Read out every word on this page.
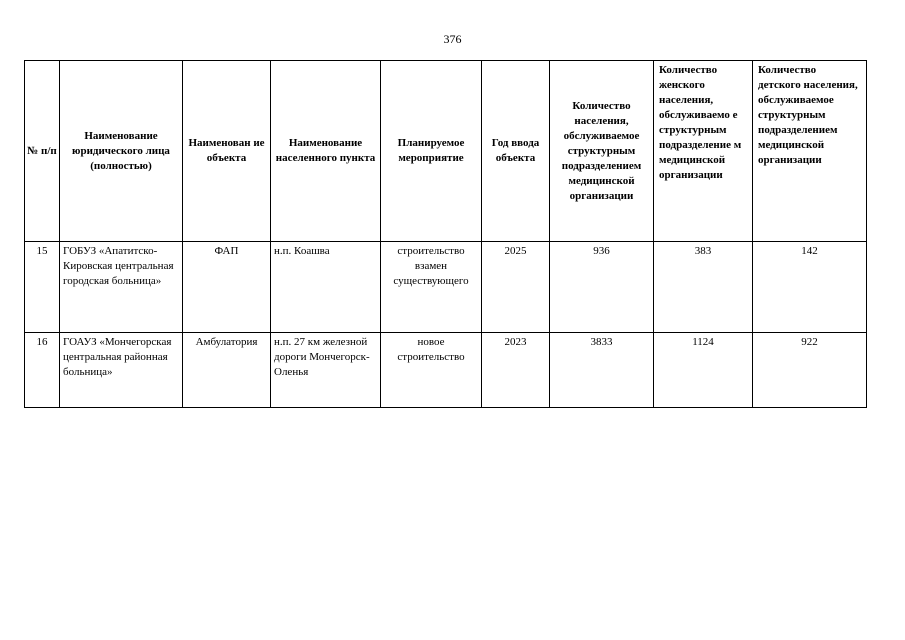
376
№ п/п	Наименование юридического лица (полностью)	Наименован ие объекта	Наименование населенного пункта	Планируемое мероприятие	Год ввода объекта	Количество населения, обслуживаемое структурным подразделением медицинской организации	Количество женского населения, обслуживаемо е структурным подразделение м медицинской организации	Количество детского населения, обслуживаемое структурным подразделением медицинской организации
15	ГОБУЗ «Апатитско-Кировская центральная городская больница»	ФАП	н.п. Коашва	строительство взамен существующего	2025	936	383	142
16	ГОАУЗ «Мончегорская центральная районная больница»	Амбулатория	н.п. 27 км железной дороги Мончегорск-Оленья	новое строительство	2023	3833	1124	922
